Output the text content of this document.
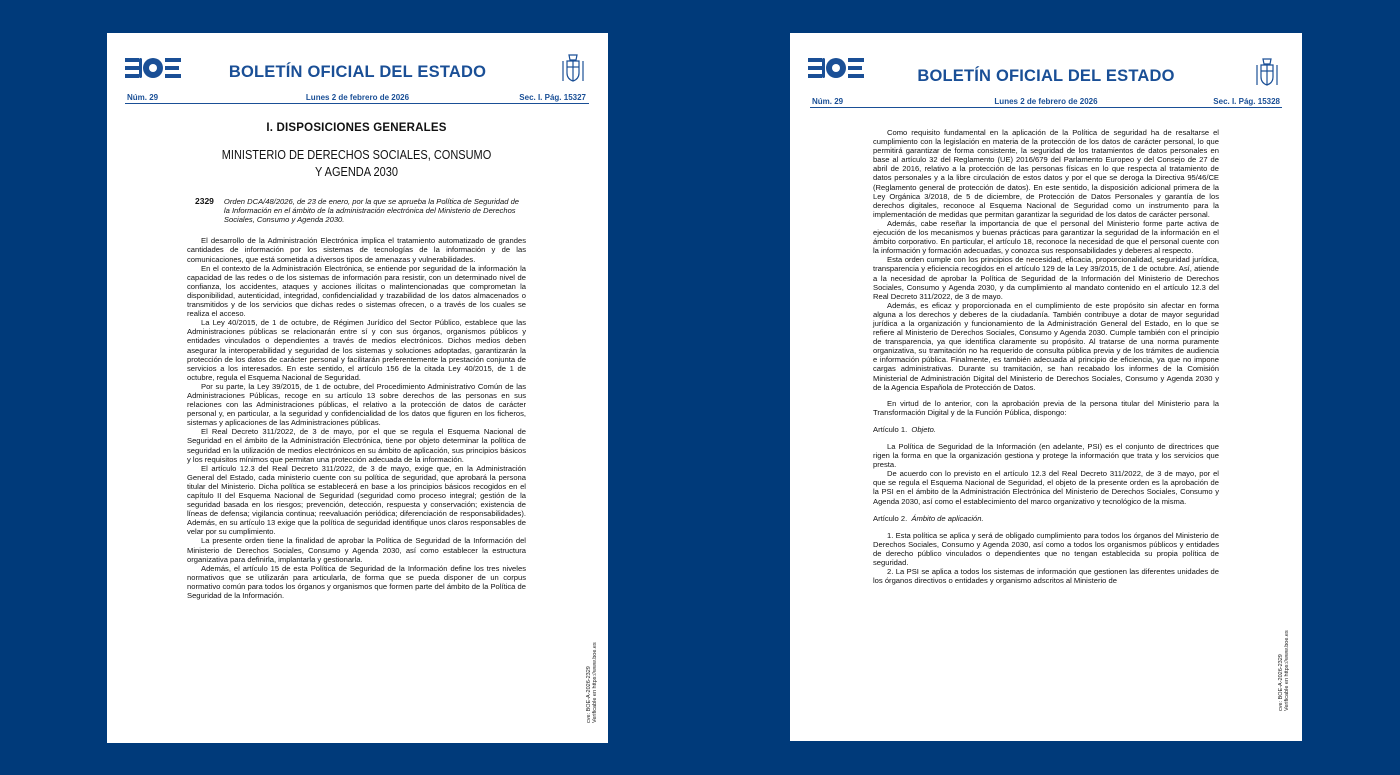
BOLETÍN OFICIAL DEL ESTADO
Núm. 29	Lunes 2 de febrero de 2026	Sec. I. Pág. 15327
I. DISPOSICIONES GENERALES
MINISTERIO DE DERECHOS SOCIALES, CONSUMO
Y AGENDA 2030
2329 Orden DCA/48/2026, de 23 de enero, por la que se aprueba la Política de Seguridad de la Información en el ámbito de la administración electrónica del Ministerio de Derechos Sociales, Consumo y Agenda 2030.

El desarrollo de la Administración Electrónica implica el tratamiento automatizado de grandes cantidades de información por los sistemas de tecnologías de la información y de las comunicaciones, que está sometida a diversos tipos de amenazas y vulnerabilidades.

En el contexto de la Administración Electrónica, se entiende por seguridad de la información la capacidad de las redes o de los sistemas de información para resistir, con un determinado nivel de confianza, los accidentes, ataques y acciones ilícitas o malintencionadas que comprometan la disponibilidad, autenticidad, integridad, confidencialidad y trazabilidad de los datos almacenados o transmitidos y de los servicios que dichas redes o sistemas ofrecen, o a través de los cuales se realiza el acceso.

La Ley 40/2015, de 1 de octubre, de Régimen Jurídico del Sector Público, establece que las Administraciones públicas se relacionarán entre sí y con sus órganos, organismos públicos y entidades vinculados o dependientes a través de medios electrónicos. Dichos medios deben asegurar la interoperabilidad y seguridad de los sistemas y soluciones adoptadas, garantizarán la protección de los datos de carácter personal y facilitarán preferentemente la prestación conjunta de servicios a los interesados. En este sentido, el artículo 156 de la citada Ley 40/2015, de 1 de octubre, regula el Esquema Nacional de Seguridad.

Por su parte, la Ley 39/2015, de 1 de octubre, del Procedimiento Administrativo Común de las Administraciones Públicas, recoge en su artículo 13 sobre derechos de las personas en sus relaciones con las Administraciones públicas, el relativo a la protección de datos de carácter personal y, en particular, a la seguridad y confidencialidad de los datos que figuren en los ficheros, sistemas y aplicaciones de las Administraciones públicas.

El Real Decreto 311/2022, de 3 de mayo, por el que se regula el Esquema Nacional de Seguridad en el ámbito de la Administración Electrónica, tiene por objeto determinar la política de seguridad en la utilización de medios electrónicos en su ámbito de aplicación, sus principios básicos y los requisitos mínimos que permitan una protección adecuada de la información.

El artículo 12.3 del Real Decreto 311/2022, de 3 de mayo, exige que, en la Administración General del Estado, cada ministerio cuente con su política de seguridad, que aprobará la persona titular del Ministerio. Dicha política se establecerá en base a los principios básicos recogidos en el capítulo II del Esquema Nacional de Seguridad (seguridad como proceso integral; gestión de la seguridad basada en los riesgos; prevención, detección, respuesta y conservación; existencia de líneas de defensa; vigilancia continua; reevaluación periódica; diferenciación de responsabilidades). Además, en su artículo 13 exige que la política de seguridad identifique unos claros responsables de velar por su cumplimiento.

La presente orden tiene la finalidad de aprobar la Política de Seguridad de la Información del Ministerio de Derechos Sociales, Consumo y Agenda 2030, así como establecer la estructura organizativa para definirla, implantarla y gestionarla.

Además, el artículo 15 de esta Política de Seguridad de la Información define los tres niveles normativos que se utilizarán para articularla, de forma que se pueda disponer de un corpus normativo común para todos los órganos y organismos que formen parte del ámbito de la Política de Seguridad de la Información.

cve: BOE-A-2026-2329 Verificable en https://www.boe.es
BOLETÍN OFICIAL DEL ESTADO
Núm. 29	Lunes 2 de febrero de 2026	Sec. I. Pág. 15328

Como requisito fundamental en la aplicación de la Política de seguridad ha de resaltarse el cumplimiento con la legislación en materia de la protección de los datos de carácter personal, lo que permitirá garantizar de forma consistente, la seguridad de los tratamientos de datos personales en base al artículo 32 del Reglamento (UE) 2016/679 del Parlamento Europeo y del Consejo de 27 de abril de 2016, relativo a la protección de las personas físicas en lo que respecta al tratamiento de datos personales y a la libre circulación de estos datos y por el que se deroga la Directiva 95/46/CE (Reglamento general de protección de datos). En este sentido, la disposición adicional primera de la Ley Orgánica 3/2018, de 5 de diciembre, de Protección de Datos Personales y garantía de los derechos digitales, reconoce al Esquema Nacional de Seguridad como un instrumento para la implementación de medidas que permitan garantizar la seguridad de los datos de carácter personal.

Además, cabe reseñar la importancia de que el personal del Ministerio forme parte activa de ejecución de los mecanismos y buenas prácticas para garantizar la seguridad de la información en el ámbito corporativo. En particular, el artículo 18, reconoce la necesidad de que el personal cuente con la información y formación adecuadas, y conozca sus responsabilidades y deberes al respecto.

Esta orden cumple con los principios de necesidad, eficacia, proporcionalidad, seguridad jurídica, transparencia y eficiencia recogidos en el artículo 129 de la Ley 39/2015, de 1 de octubre. Así, atiende a la necesidad de aprobar la Política de Seguridad de la Información del Ministerio de Derechos Sociales, Consumo y Agenda 2030, y da cumplimiento al mandato contenido en el artículo 12.3 del Real Decreto 311/2022, de 3 de mayo.

Además, es eficaz y proporcionada en el cumplimiento de este propósito sin afectar en forma alguna a los derechos y deberes de la ciudadanía. También contribuye a dotar de mayor seguridad jurídica a la organización y funcionamiento de la Administración General del Estado, en lo que se refiere al Ministerio de Derechos Sociales, Consumo y Agenda 2030. Cumple también con el principio de transparencia, ya que identifica claramente su propósito. Al tratarse de una norma puramente organizativa, su tramitación no ha requerido de consulta pública previa y de los trámites de audiencia e información pública. Finalmente, es también adecuada al principio de eficiencia, ya que no impone cargas administrativas. Durante su tramitación, se han recabado los informes de la Comisión Ministerial de Administración Digital del Ministerio de Derechos Sociales, Consumo y Agenda 2030 y de la Agencia Española de Protección de Datos.

En virtud de lo anterior, con la aprobación previa de la persona titular del Ministerio para la Transformación Digital y de la Función Pública, dispongo:

Artículo 1. Objeto.

La Política de Seguridad de la Información (en adelante, PSI) es el conjunto de directrices que rigen la forma en que la organización gestiona y protege la información que trata y los servicios que presta.

De acuerdo con lo previsto en el artículo 12.3 del Real Decreto 311/2022, de 3 de mayo, por el que se regula el Esquema Nacional de Seguridad, el objeto de la presente orden es la aprobación de la PSI en el ámbito de la Administración Electrónica del Ministerio de Derechos Sociales, Consumo y Agenda 2030, así como el establecimiento del marco organizativo y tecnológico de la misma.

Artículo 2. Ámbito de aplicación.

1. Esta política se aplica y será de obligado cumplimiento para todos los órganos del Ministerio de Derechos Sociales, Consumo y Agenda 2030, así como a todos los organismos públicos y entidades de derecho público vinculados o dependientes que no tengan establecida su propia política de seguridad.

2. La PSI se aplica a todos los sistemas de información que gestionen las diferentes unidades de los órganos directivos o entidades y organismo adscritos al Ministerio de

cve: BOE-A-2026-2329 Verificable en https://www.boe.es
